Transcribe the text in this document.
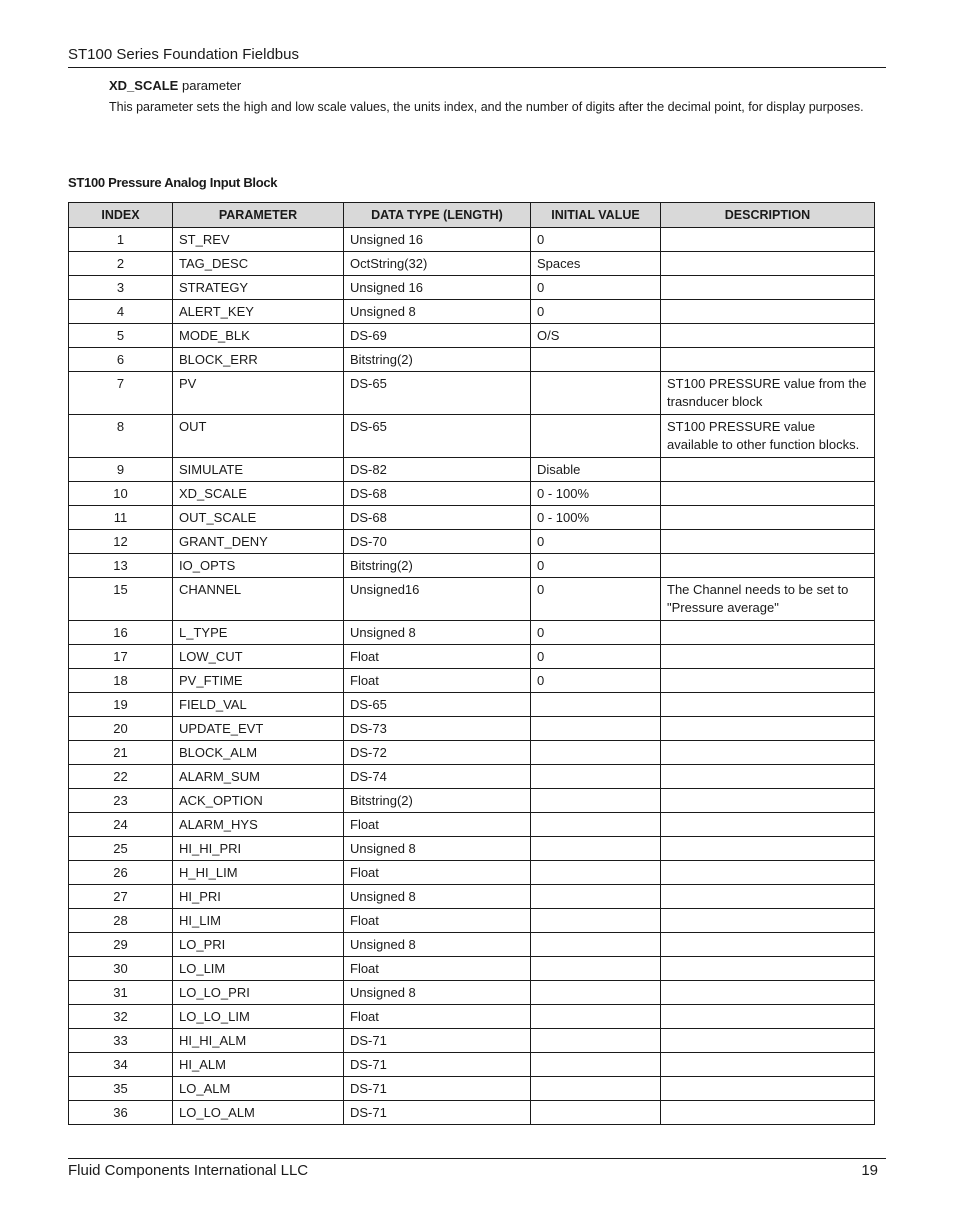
ST100 Series Foundation Fieldbus
XD_SCALE parameter
This parameter sets the high and low scale values, the units index, and the number of digits after the decimal point, for display purposes.
ST100 Pressure Analog Input Block
INDEX	PARAMETER	DATA TYPE (LENGTH)	INITIAL VALUE	DESCRIPTION
1	ST_REV	Unsigned 16	0	
2	TAG_DESC	OctString(32)	Spaces	
3	STRATEGY	Unsigned 16	0	
4	ALERT_KEY	Unsigned 8	0	
5	MODE_BLK	DS-69	O/S	
6	BLOCK_ERR	Bitstring(2)		
7	PV	DS-65		ST100 PRESSURE value from the trasnducer block
8	OUT	DS-65		ST100 PRESSURE value available to other function blocks.
9	SIMULATE	DS-82	Disable	
10	XD_SCALE	DS-68	0 - 100%	
11	OUT_SCALE	DS-68	0 - 100%	
12	GRANT_DENY	DS-70	0	
13	IO_OPTS	Bitstring(2)	0	
15	CHANNEL	Unsigned16	0	The Channel needs to be set to "Pressure average"
16	L_TYPE	Unsigned 8	0	
17	LOW_CUT	Float	0	
18	PV_FTIME	Float	0	
19	FIELD_VAL	DS-65		
20	UPDATE_EVT	DS-73		
21	BLOCK_ALM	DS-72		
22	ALARM_SUM	DS-74		
23	ACK_OPTION	Bitstring(2)		
24	ALARM_HYS	Float		
25	HI_HI_PRI	Unsigned 8		
26	H_HI_LIM	Float		
27	HI_PRI	Unsigned 8		
28	HI_LIM	Float		
29	LO_PRI	Unsigned 8		
30	LO_LIM	Float		
31	LO_LO_PRI	Unsigned 8		
32	LO_LO_LIM	Float		
33	HI_HI_ALM	DS-71		
34	HI_ALM	DS-71		
35	LO_ALM	DS-71		
36	LO_LO_ALM	DS-71		
Fluid Components International LLC	19
